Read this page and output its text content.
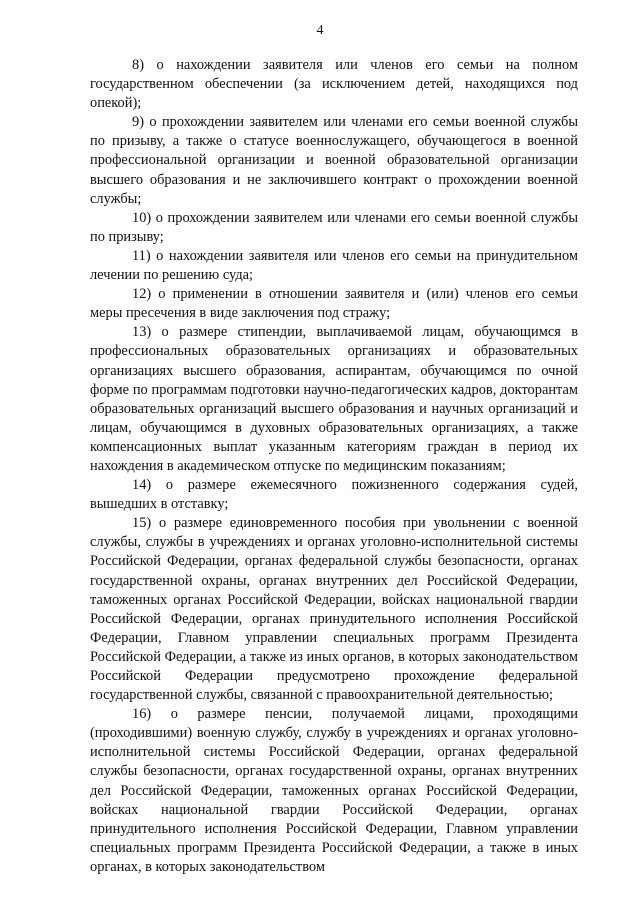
4

8) о нахождении заявителя или членов его семьи на полном государственном обеспечении (за исключением детей, находящихся под опекой);

9) о прохождении заявителем или членами его семьи военной службы по призыву, а также о статусе военнослужащего, обучающегося в военной профессиональной организации и военной образовательной организации высшего образования и не заключившего контракт о прохождении военной службы;

10) о прохождении заявителем или членами его семьи военной службы по призыву;

11) о нахождении заявителя или членов его семьи на принудительном лечении по решению суда;

12) о применении в отношении заявителя и (или) членов его семьи меры пресечения в виде заключения под стражу;

13) о размере стипендии, выплачиваемой лицам, обучающимся в профессиональных образовательных организациях и образовательных организациях высшего образования, аспирантам, обучающимся по очной форме по программам подготовки научно-педагогических кадров, докторантам образовательных организаций высшего образования и научных организаций и лицам, обучающимся в духовных образовательных организациях, а также компенсационных выплат указанным категориям граждан в период их нахождения в академическом отпуске по медицинским показаниям;

14) о размере ежемесячного пожизненного содержания судей, вышедших в отставку;

15) о размере единовременного пособия при увольнении с военной службы, службы в учреждениях и органах уголовно-исполнительной системы Российской Федерации, органах федеральной службы безопасности, органах государственной охраны, органах внутренних дел Российской Федерации, таможенных органах Российской Федерации, войсках национальной гвардии Российской Федерации, органах принудительного исполнения Российской Федерации, Главном управлении специальных программ Президента Российской Федерации, а также из иных органов, в которых законодательством Российской Федерации предусмотрено прохождение федеральной государственной службы, связанной с правоохранительной деятельностью;

16) о размере пенсии, получаемой лицами, проходящими (проходившими) военную службу, службу в учреждениях и органах уголовно-исполнительной системы Российской Федерации, органах федеральной службы безопасности, органах государственной охраны, органах внутренних дел Российской Федерации, таможенных органах Российской Федерации, войсках национальной гвардии Российской Федерации, органах принудительного исполнения Российской Федерации, Главном управлении специальных программ Президента Российской Федерации, а также в иных органах, в которых законодательством
